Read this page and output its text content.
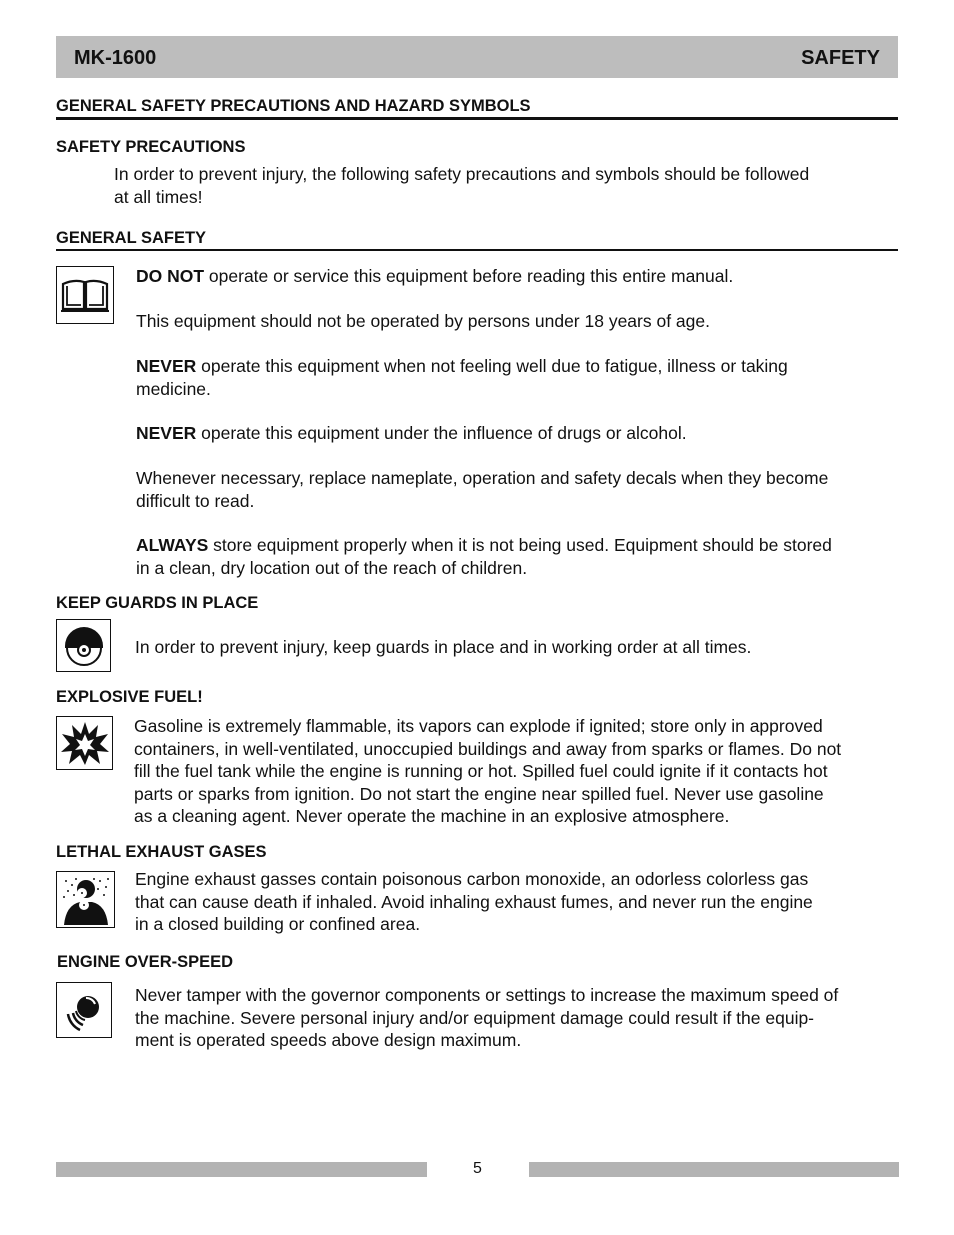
MK-1600	SAFETY
GENERAL SAFETY PRECAUTIONS AND HAZARD SYMBOLS
SAFETY PRECAUTIONS
In order to prevent injury, the following safety precautions and symbols should be followed
at all times!
GENERAL SAFETY
DO NOT operate or service this equipment before reading this entire manual.
This equipment should not be operated by persons under 18 years of age.
NEVER operate this equipment when not feeling well due to fatigue, illness or taking
medicine.
NEVER operate this equipment under the influence of drugs or alcohol.
Whenever necessary, replace nameplate, operation and safety decals when they become
difficult to read.
ALWAYS store equipment properly when it is not being used. Equipment should be stored
in a clean, dry location out of the reach of children.
KEEP GUARDS IN PLACE
In order to prevent injury, keep guards in place and in working order at all times.
EXPLOSIVE FUEL!
Gasoline is extremely flammable, its vapors can explode if ignited; store only in approved
containers, in well-ventilated, unoccupied buildings and away from sparks or flames. Do not
fill the fuel tank while the engine is running or hot. Spilled fuel could ignite if it contacts hot
parts or sparks from ignition. Do not start the engine near spilled fuel. Never use gasoline
as a cleaning agent. Never operate the machine in an explosive atmosphere.
LETHAL EXHAUST GASES
Engine exhaust gasses contain poisonous carbon monoxide, an odorless colorless gas
that can cause death if inhaled. Avoid inhaling exhaust fumes, and never run the engine
in a closed building or confined area.
ENGINE OVER-SPEED
Never tamper with the governor components or settings to increase the maximum speed of
the machine. Severe personal injury and/or equipment damage could result if the equip-
ment is operated speeds above design maximum.
5
